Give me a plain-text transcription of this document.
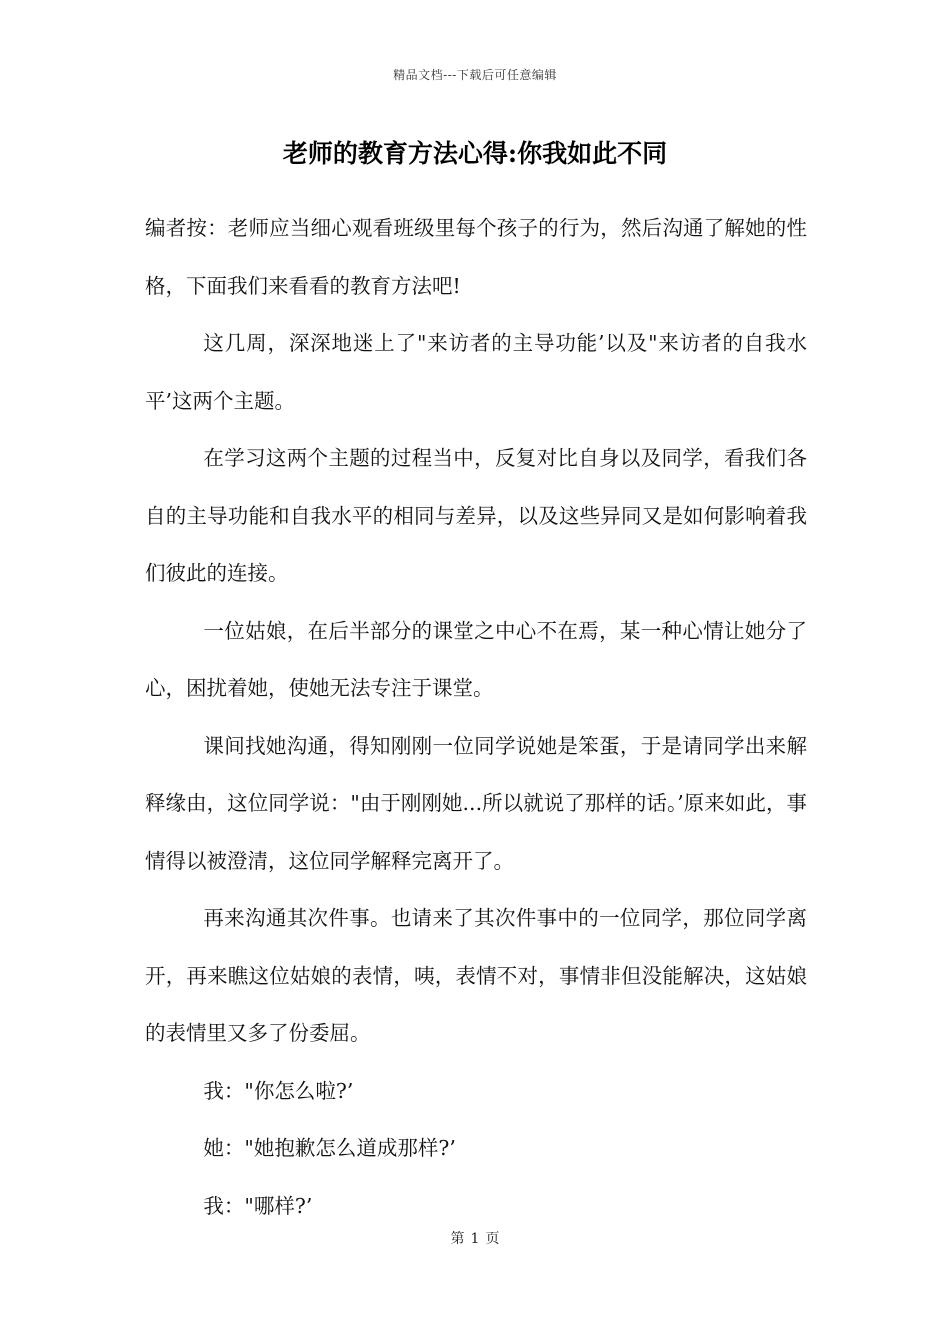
精品文档---下载后可任意编辑
老师的教育方法心得:你我如此不同

编者按：老师应当细心观看班级里每个孩子的行为，然后沟通了解她的性格，下面我们来看看的教育方法吧!

这几周，深深地迷上了"来访者的主导功能’以及"来访者的自我水平’这两个主题。

在学习这两个主题的过程当中，反复对比自身以及同学，看我们各自的主导功能和自我水平的相同与差异，以及这些异同又是如何影响着我们彼此的连接。

一位姑娘，在后半部分的课堂之中心不在焉，某一种心情让她分了心，困扰着她，使她无法专注于课堂。

课间找她沟通，得知刚刚一位同学说她是笨蛋，于是请同学出来解释缘由，这位同学说："由于刚刚她...所以就说了那样的话。’原来如此，事情得以被澄清，这位同学解释完离开了。

再来沟通其次件事。也请来了其次件事中的一位同学，那位同学离开，再来瞧这位姑娘的表情，咦，表情不对，事情非但没能解决，这姑娘的表情里又多了份委屈。

我："你怎么啦?’

她："她抱歉怎么道成那样?’

我："哪样?’

第 1 页
